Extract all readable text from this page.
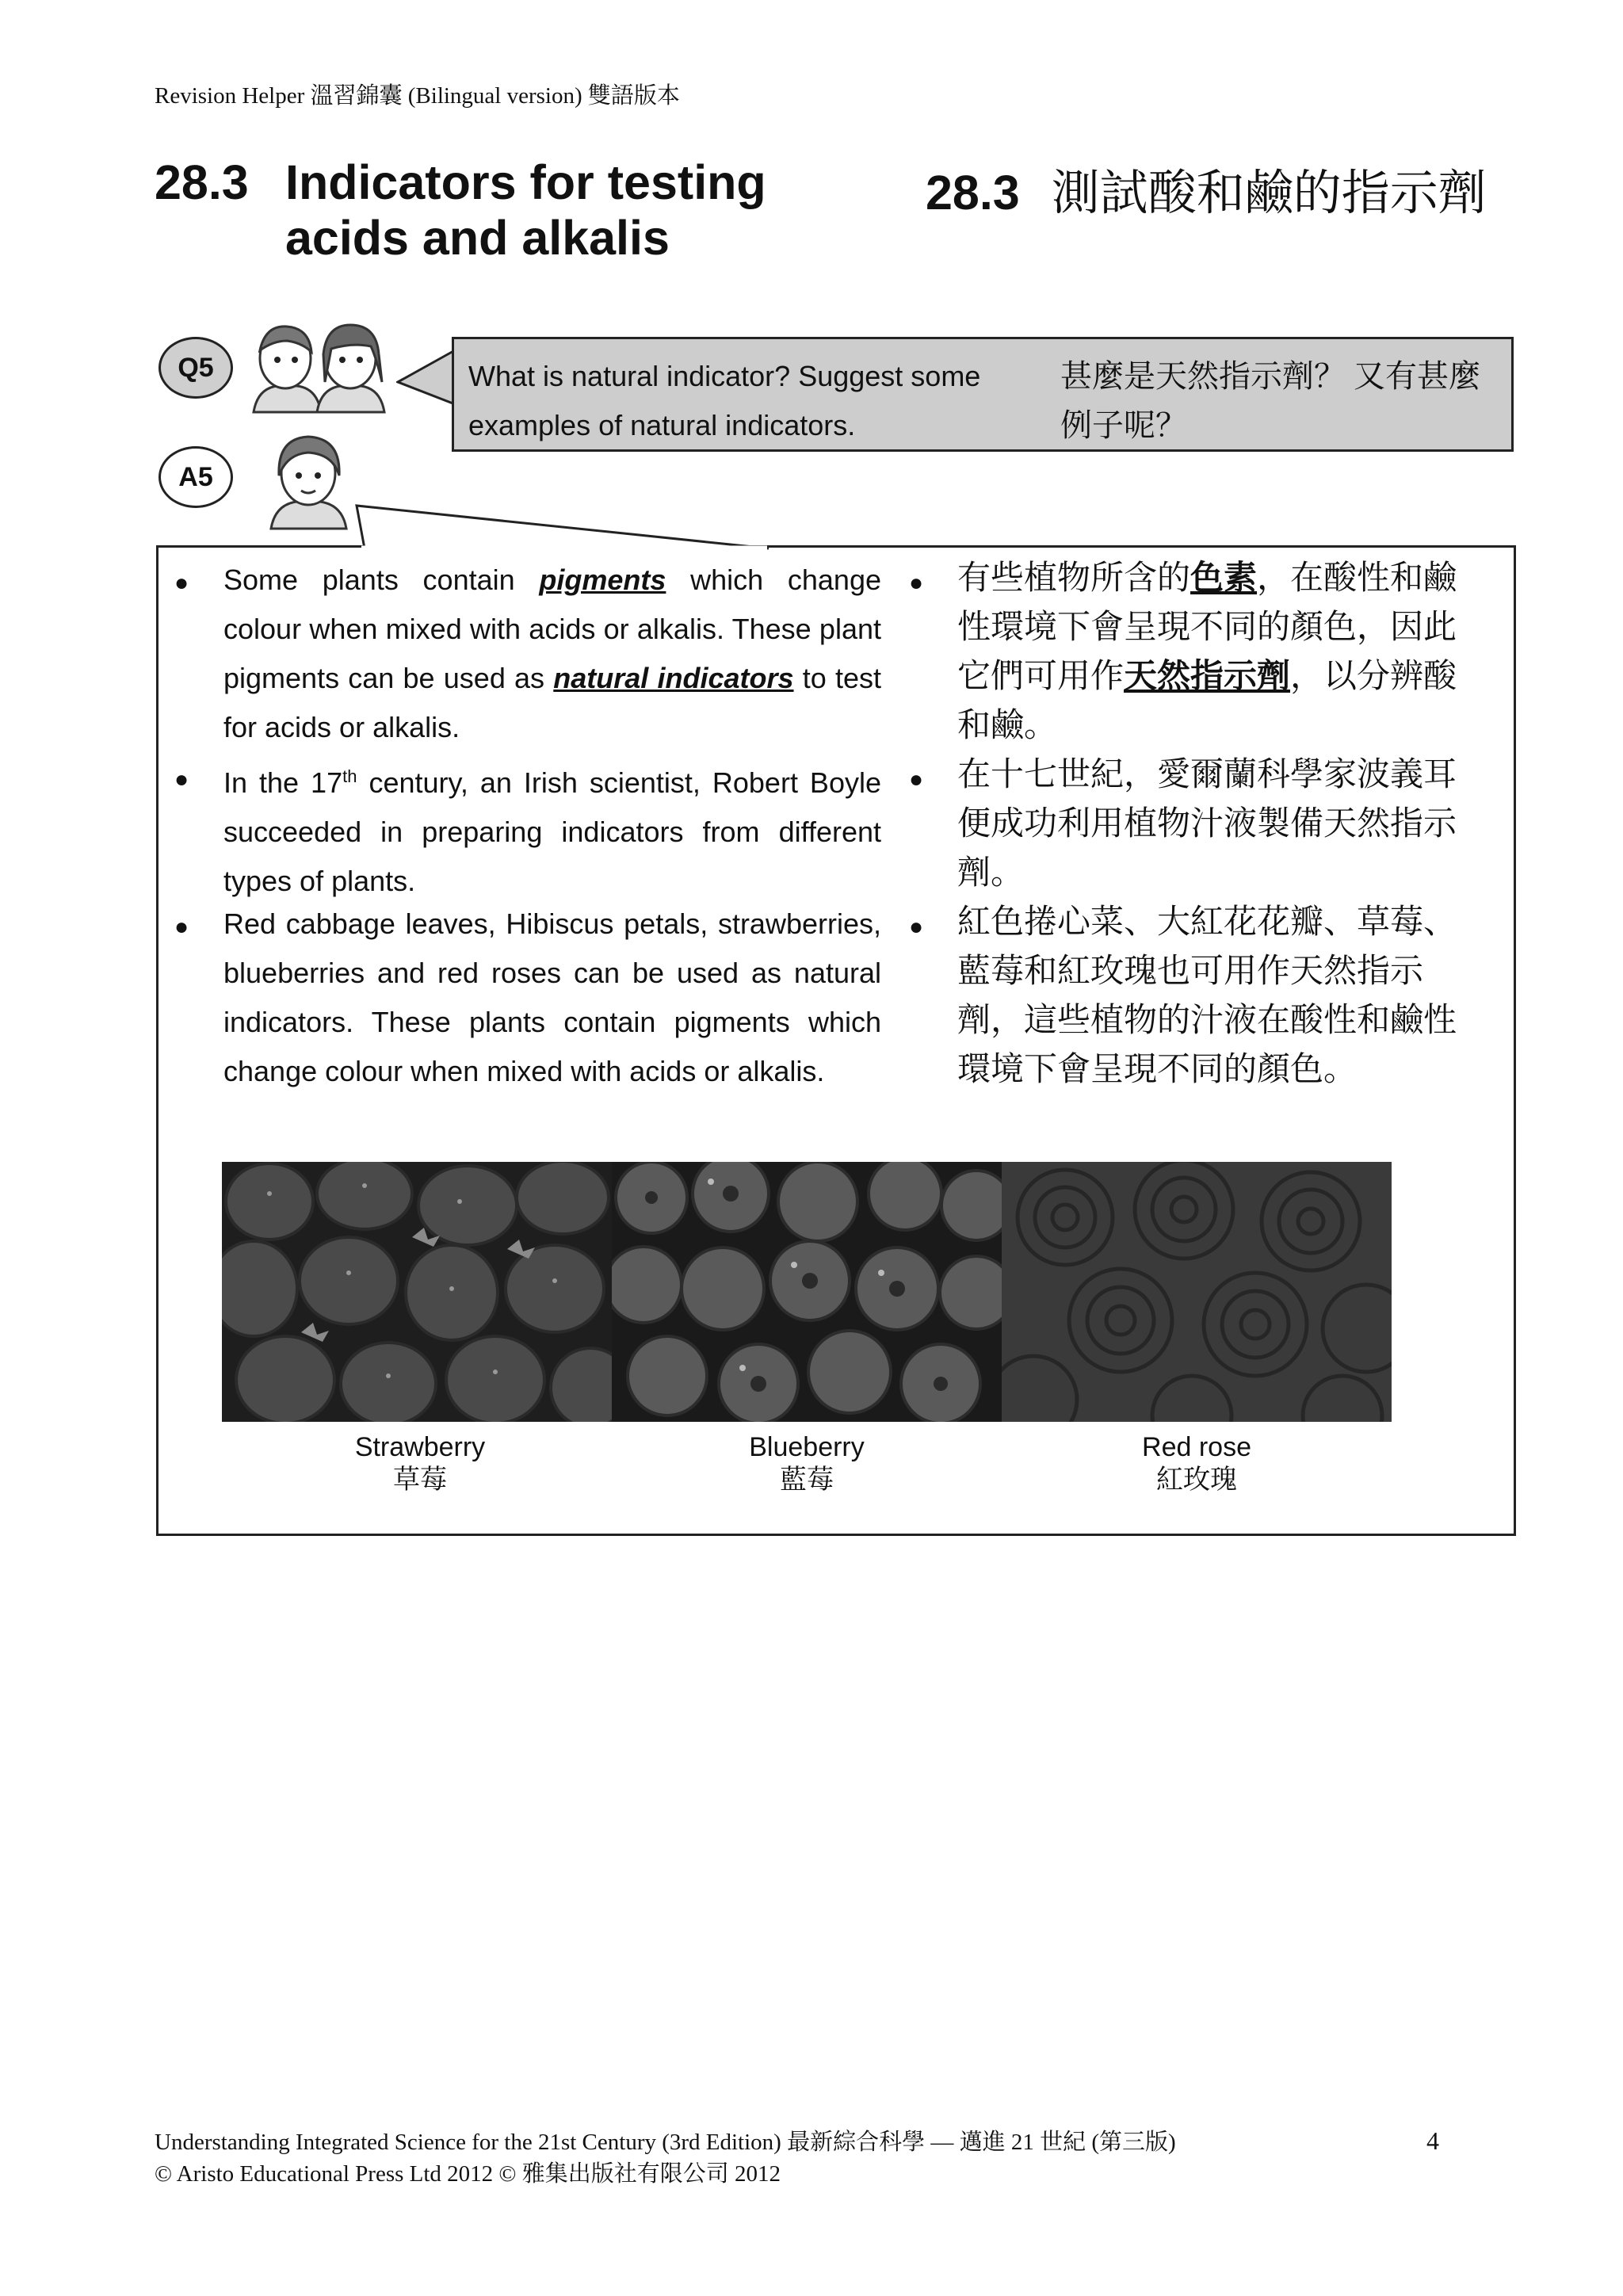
Revision Helper 溫習錦囊 (Bilingual version) 雙語版本
28.3 Indicators for testing acids and alkalis
28.3 測試酸和鹼的指示劑
Q5	What is natural indicator? Suggest some examples of natural indicators.
甚麼是天然指示劑？ 又有甚麼例子呢？
A5
● Some plants contain pigments which change colour when mixed with acids or alkalis. These plant pigments can be used as natural indicators to test for acids or alkalis.
● In the 17th century, an Irish scientist, Robert Boyle succeeded in preparing indicators from different types of plants.
● Red cabbage leaves, Hibiscus petals, strawberries, blueberries and red roses can be used as natural indicators. These plants contain pigments which change colour when mixed with acids or alkalis.
● 有些植物所含的色素，在酸性和鹼性環境下會呈現不同的顏色，因此它們可用作天然指示劑，以分辨酸和鹼。
● 在十七世紀，愛爾蘭科學家波義耳便成功利用植物汁液製備天然指示劑。
● 紅色捲心菜、大紅花花瓣、草莓、藍莓和紅玫瑰也可用作天然指示劑，這些植物的汁液在酸性和鹼性環境下會呈現不同的顏色。
Strawberry
草莓
Blueberry
藍莓
Red rose
紅玫瑰
Understanding Integrated Science for the 21st Century (3rd Edition) 最新綜合科學 — 邁進 21 世紀 (第三版)
© Aristo Educational Press Ltd 2012 © 雅集出版社有限公司 2012
4
